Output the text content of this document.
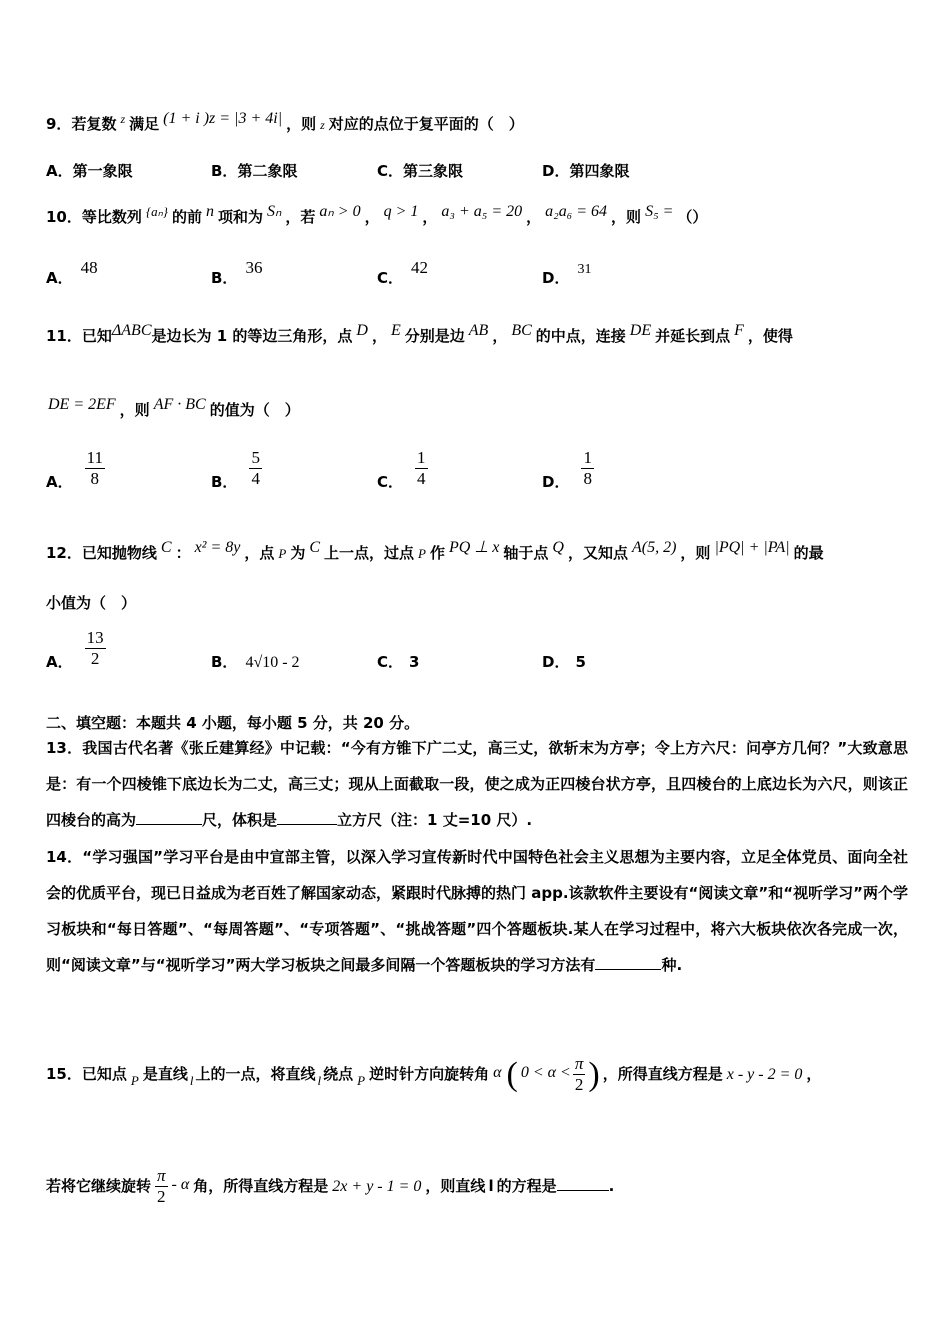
9．若复数 $^z$ 满足 (1 + i )z = |3 + 4i| ，则 z 对应的点位于复平面的（　）
A．第一象限	B．第二象限	C．第三象限	D．第四象限
10．等比数列 {aₙ} 的前 n 项和为 Sₙ ，若 aₙ > 0 ， q > 1 ， a₃ + a₅ = 20 ， a₂a₆ = 64 ，则 S₅ = （）
A．48
B．36
C．42
D． 31
11．已知ΔABC是边长为 1 的等边三角形，点 D ， E 分别是边 AB ， BC 的中点，连接 DE 并延长到点 F ，使得
DE = 2EF ，则 AF · BC 的值为（　）
A． $\frac{11}{8}$	B． $\frac{5}{4}$	C． $\frac{1}{4}$	D． $\frac{1}{8}$
12．已知抛物线 C ： x² = 8y ，点 P 为 C 上一点，过点 P 作 PQ ⊥ x 轴于点 Q ，又知点 A(5, 2) ，则 |PQ| + |PA| 的最
小值为（　）
A． $\frac{13}{2}$	B． 4√10 - 2	C． 3	D． 5
二、填空题：本题共 4 小题，每小题 5 分，共 20 分。
13．我国古代名著《张丘建算经》中记载：“今有方锥下广二丈，高三丈，欲斩末为方亭；令上方六尺：问亭方几何？”大致意思是：有一个四棱锥下底边长为二丈，高三丈；现从上面截取一段，使之成为正四棱台状方亭，且四棱台的上底边长为六尺，则该正四棱台的高为	尺，体积是	立方尺（注：1 丈=10 尺）.
14．“学习强国”学习平台是由中宣部主管，以深入学习宣传新时代中国特色社会主义思想为主要内容，立足全体党员、面向全社会的优质平台，现已日益成为老百姓了解国家动态，紧跟时代脉搏的热门 app.该款软件主要设有“阅读文章”和“视听学习”两个学习板块和“每日答题”、“每周答题”、“专项答题”、“挑战答题”四个答题板块.某人在学习过程中，将六大板块依次各完成一次，则“阅读文章”与“视听学习”两大学习板块之间最多间隔一个答题板块的学习方法有	种.
15．已知点 P 是直线 l 上的一点，将直线 l 绕点 P 逆时针方向旋转角 α ( $0 < \alpha < \frac{\pi}{2}$ ) ，所得直线方程是 x - y - 2 = 0 ，
若将它继续旋转 $\frac{\pi}{2}$ - α 角，所得直线方程是 2x + y - 1 = 0 ，则直线 l 的方程是	.
